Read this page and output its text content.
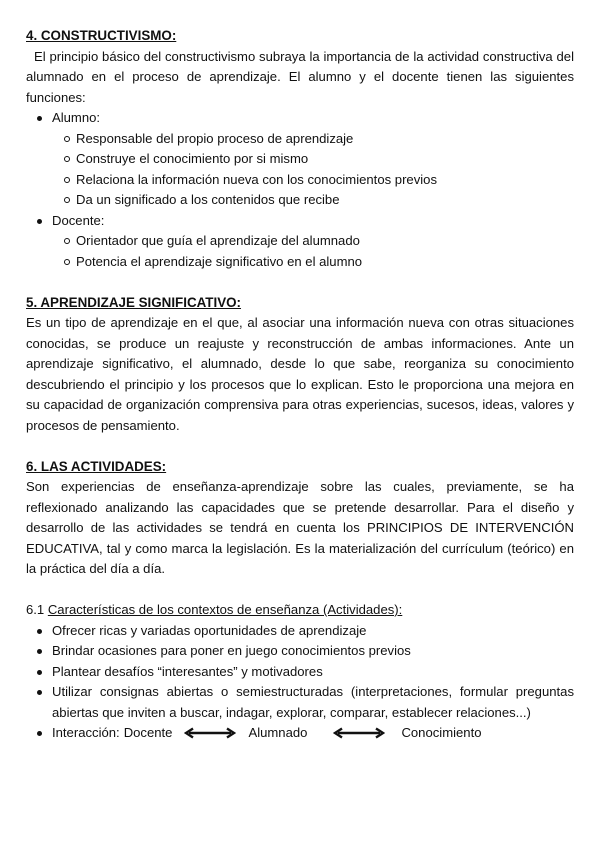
4. CONSTRUCTIVISMO:

El principio básico del constructivismo subraya la importancia de la actividad constructiva del alumnado en el proceso de aprendizaje. El alumno y el docente tienen las siguientes funciones:

Alumno:
Responsable del propio proceso de aprendizaje
Construye el conocimiento por si mismo
Relaciona la información nueva con los conocimientos previos
Da un significado a los contenidos que recibe
Docente:
Orientador que guía el aprendizaje del alumnado
Potencia el aprendizaje significativo en el alumno
5. APRENDIZAJE SIGNIFICATIVO:

Es un tipo de aprendizaje en el que, al asociar una información nueva con otras situaciones conocidas, se produce un reajuste y reconstrucción de ambas informaciones. Ante un aprendizaje significativo, el alumnado, desde lo que sabe, reorganiza su conocimiento descubriendo el principio y los procesos que lo explican. Esto le proporciona una mejora en su capacidad de organización comprensiva para otras experiencias, sucesos, ideas, valores y procesos de pensamiento.

6. LAS ACTIVIDADES:

Son experiencias de enseñanza-aprendizaje sobre las cuales, previamente, se ha reflexionado analizando las capacidades que se pretende desarrollar. Para el diseño y desarrollo de las actividades se tendrá en cuenta los PRINCIPIOS DE INTERVENCIÓN EDUCATIVA, tal y como marca la legislación. Es la materialización del currículum (teórico) en la práctica del día a día.

6.1 Características de los contextos de enseñanza (Actividades):
Ofrecer ricas y variadas oportunidades de aprendizaje
Brindar ocasiones para poner en juego conocimientos previos
Plantear desafíos “interesantes” y motivadores
Utilizar consignas abiertas o semiestructuradas (interpretaciones, formular preguntas abiertas que inviten a buscar, indagar, explorar, comparar, establecer relaciones...)
Interacción: Docente	Alumnado	Conocimiento
